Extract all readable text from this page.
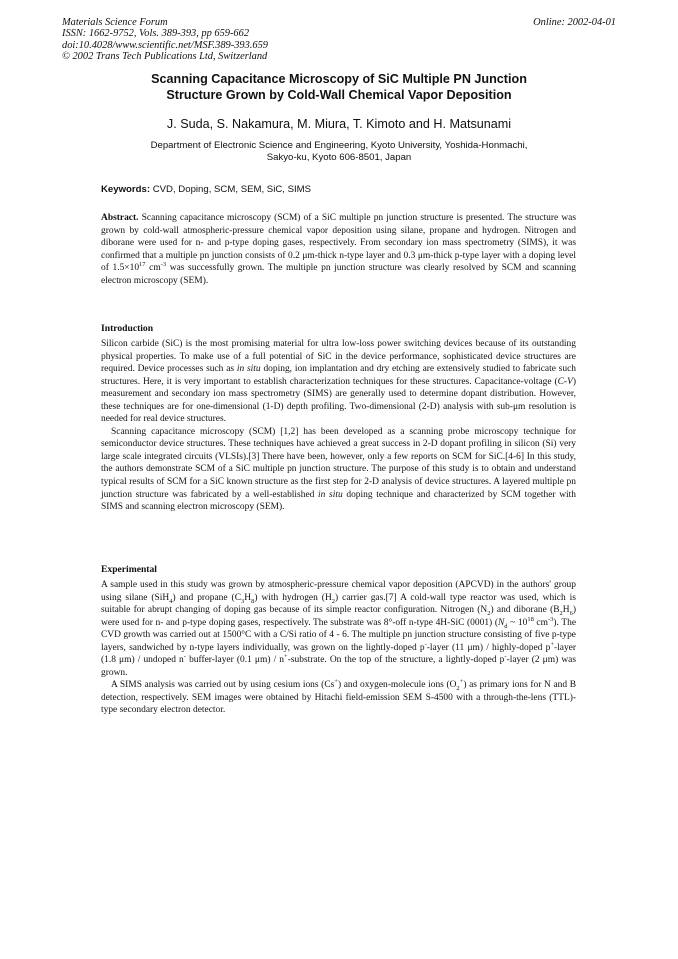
Materials Science Forum
ISSN: 1662-9752, Vols. 389-393, pp 659-662
doi:10.4028/www.scientific.net/MSF.389-393.659
© 2002 Trans Tech Publications Ltd, Switzerland
Online: 2002-04-01
Scanning Capacitance Microscopy of SiC Multiple PN Junction
Structure Grown by Cold-Wall Chemical Vapor Deposition
J. Suda, S. Nakamura, M. Miura, T. Kimoto and H. Matsunami
Department of Electronic Science and Engineering, Kyoto University, Yoshida-Honmachi,
Sakyo-ku, Kyoto 606-8501, Japan
Keywords: CVD, Doping, SCM, SEM, SiC, SIMS

Abstract. Scanning capacitance microscopy (SCM) of a SiC multiple pn junction structure is presented. The structure was grown by cold-wall atmospheric-pressure chemical vapor deposition using silane, propane and hydrogen. Nitrogen and diborane were used for n- and p-type doping gases, respectively. From secondary ion mass spectrometry (SIMS), it was confirmed that a multiple pn junction consists of 0.2 μm-thick n-type layer and 0.3 μm-thick p-type layer with a doping level of $1.5\times 10^{17}$ $cm^{-3}$ was successfully grown. The multiple pn junction structure was clearly resolved by SCM and scanning electron microscopy (SEM).

Introduction

Silicon carbide (SiC) is the most promising material for ultra low-loss power switching devices because of its outstanding physical properties. To make use of a full potential of SiC in the device performance, sophisticated device structures are required. Device processes such as in situ doping, ion implantation and dry etching are extensively studied to fabricate such structures. Here, it is very important to establish characterization techniques for these structures. Capacitance-voltage (C-V) measurement and secondary ion mass spectrometry (SIMS) are generally used to determine dopant distribution. However, these techniques are for one-dimensional (1-D) depth profiling. Two-dimensional (2-D) analysis with sub-μm resolution is needed for real device structures.

Scanning capacitance microscopy (SCM) [1,2] has been developed as a scanning probe microscopy technique for semiconductor device structures. These techniques have achieved a great success in 2-D dopant profiling in silicon (Si) very large scale integrated circuits (VLSIs).[3] There have been, however, only a few reports on SCM for SiC.[4-6] In this study, the authors demonstrate SCM of a SiC multiple pn junction structure. The purpose of this study is to obtain and understand typical results of SCM for a SiC known structure as the first step for 2-D analysis of device structures. A layered multiple pn junction structure was fabricated by a well-established in situ doping technique and characterized by SCM together with SIMS and scanning electron microscopy (SEM).

Experimental

A sample used in this study was grown by atmospheric-pressure chemical vapor deposition (APCVD) in the authors' group using silane (SiH$_4$) and propane $(C_3H_8)$ with hydrogen $(H_2)$ carrier gas.[7] A cold-wall type reactor was used, which is suitable for abrupt changing of doping gas because of its simple reactor configuration. Nitrogen $(N_2)$ and diborane $(B_2H_6)$ were used for n- and p-type doping gases, respectively. The substrate was 8°-off n-type 4H-SiC (0001) ($N_d$ ~ $10^{18}$ $cm^{-3}$). The CVD growth was carried out at 1500°C with a C/Si ratio of 4 - 6. The multiple pn junction structure consisting of five p-type layers, sandwiched by n-type layers individually, was grown on the lightly-doped p--layer (11 μm) / highly-doped p+-layer (1.8 μm) / undoped n- buffer-layer (0.1 μm) / n+-substrate. On the top of the structure, a lightly-doped p--layer (2 μm) was grown.

A SIMS analysis was carried out by using cesium ions (Cs+) and oxygen-molecule ions $(O_2^+)$ as primary ions for N and B detection, respectively. SEM images were obtained by Hitachi field-emission SEM S-4500 with a through-the-lens (TTL)-type secondary electron detector.
